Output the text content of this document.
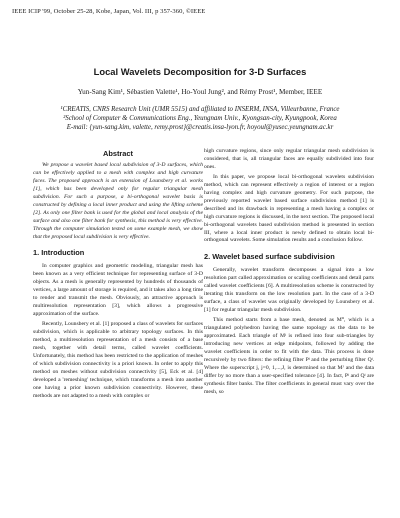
IEEE ICIP '99, October 25-28, Kobe, Japan, Vol. III, p 357-360, ©IEEE
Local Wavelets Decomposition for 3-D Surfaces
Yun-Sang Kim¹, Sébastien Valette¹, Ho-Youl Jung², and Rémy Prost¹, Member, IEEE
¹CREATIS, CNRS Research Unit (UMR 5515) and affiliated to INSERM, INSA, Villeurbanne, France
²School of Computer & Communications Eng., Yeungnam Univ., Kyongsan-city, Kyungpook, Korea
E-mail: {yun-sang.kim, valette, remy.prost}@creatis.insa-lyon.fr, hoyoul@yusec.yeungnam.ac.kr
Abstract

We propose a wavelet based local subdivision of 3-D surfaces, which can be effectively applied to a mesh with complex and high curvature faces. The proposed approach is an extension of Lounsbery et al. works [1], which has been developed only for regular triangular mesh subdivision. For such a purpose, a bi-orthogonal wavelet basis is constructed by defining a local inner product and using the lifting scheme [2]. As only one filter bank is used for the global and local analysis of the surface and also one filter bank for synthesis, this method is very effective. Through the computer simulation tested on some example mesh, we show that the proposed local subdivision is very effective.

1. Introduction

In computer graphics and geometric modeling, triangular mesh has been known as a very efficient technique for representing surface of 3-D objects. As a mesh is generally represented by hundreds of thousands of vertices, a large amount of storage is required, and it takes also a long time to render and transmit the mesh. Obviously, an attractive approach is multiresolution representation [3], which allows a progressive approximation of the surface.

Recently, Lounsbery et al. [1] proposed a class of wavelets for surfaces subdivision, which is applicable to arbitrary topology surfaces. In this method, a multiresolution representation of a mesh consists of a base mesh, together with detail terms, called wavelet coefficients. Unfortunately, this method has been restricted to the application of meshes of which subdivision connectivity is a priori known. In order to apply this method on meshes without subdivision connectivity [5], Eck et al. [4] developed a 'remeshing' technique, which transforms a mesh into another one having a prior known subdivision connectivity. However, these methods are not adapted to a mesh with complex or

high curvature regions, since only regular triangular mesh subdivision is considered, that is, all triangular faces are equally subdivided into four ones.

In this paper, we propose local bi-orthogonal wavelets subdivision method, which can represent effectively a region of interest or a region having complex and high curvature geometry. For such purpose, the previously reported wavelet based surface subdivision method [1] is described and its drawback in representing a mesh having a complex or high curvature regions is discussed, in the next section. The proposed local bi-orthogonal wavelets based subdivision method is presented in section III, where a local inner product is newly defined to obtain local bi-orthogonal wavelets. Some simulation results and a conclusion follow.

2. Wavelet based surface subdivision

Generally, wavelet transform decomposes a signal into a low resolution part called approximation or scaling coefficients and detail parts called wavelet coefficients [6]. A multiresolution scheme is constructed by iterating this transform on the low resolution part. In the case of a 3-D surface, a class of wavelet was originally developed by Lounsbery et al. [1] for regular triangular mesh subdivision.

This method starts from a base mesh, denoted as M⁰, which is a triangulated polyhedron having the same topology as the data to be approximated. Each triangle of Mʲ is refined into four sub-triangles by introducing new vertices at edge midpoints, followed by adding the wavelet coefficients in order to fit with the data. This process is done recursively by two filters: the refining filter Pʲ and the perturbing filter Qʲ. Where the superscript j, j=0, 1,...,J, is determined so that Mᴶ and the data differ by no more than a user-specified tolerance [4]. In fact, Pʲ and Qʲ are synthesis filter banks. The filter coefficients in general must vary over the mesh, so
